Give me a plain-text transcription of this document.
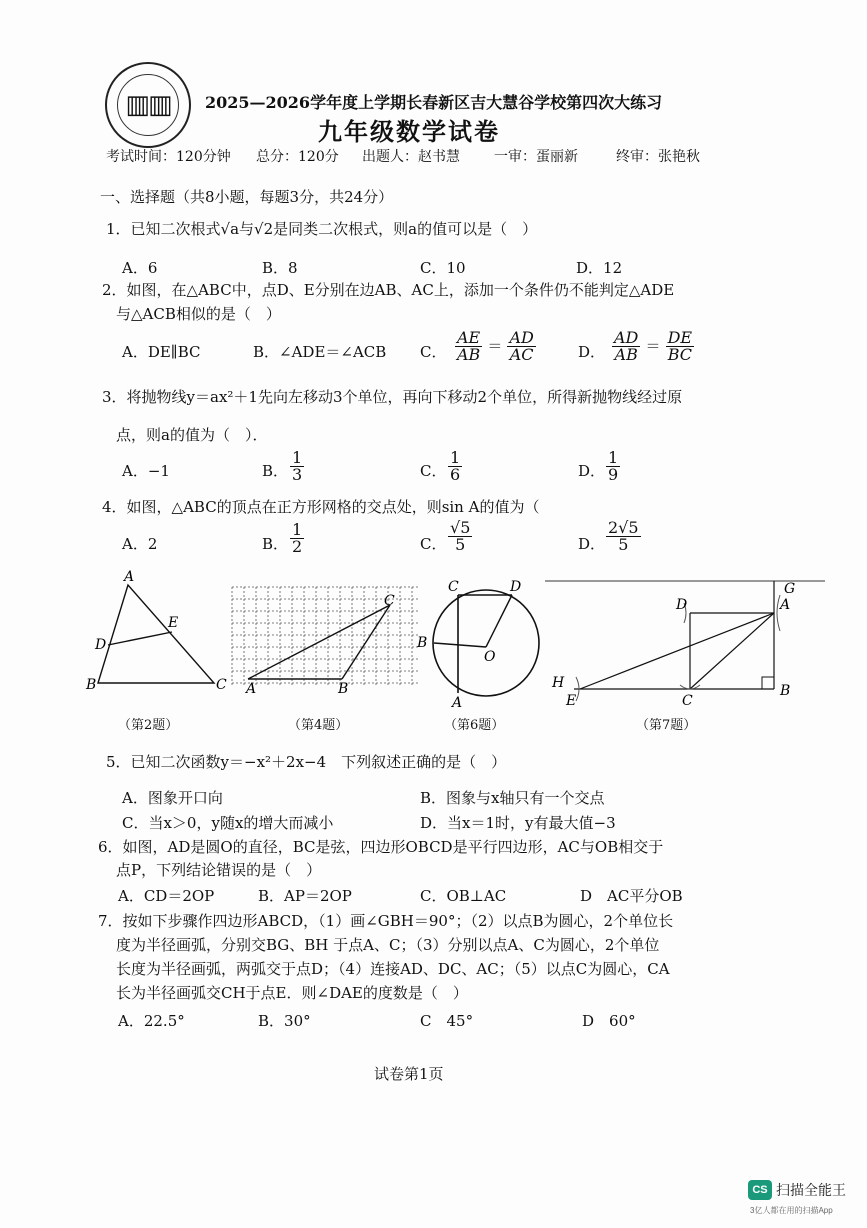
▥▥ 2025—2026学年度上学期长春新区吉大慧谷学校第四次大练习
九年级数学试卷
考试时间：120分钟 总分：120分 出题人：赵书慧 一审：蛋丽新	终审：张艳秋
一、选择题（共8小题，每题3分，共24分）
1．已知二次根式√a与√2是同类二次根式，则a的值可以是（　）
A．6	B．8	C．10	D．12
2．如图，在△ABC中，点D、E分别在边AB、AC上，添加一个条件仍不能判定△ADE
与△ACB相似的是（　）
A．DE∥BC	B．∠ADE＝∠ACB C． $\frac{AE}{AB} = \frac{AD}{AC}$	D． $\frac{AD}{AB} = \frac{DE}{BC}$
3．将抛物线y＝ax²＋1先向左移动3个单位，再向下移动2个单位，所得新抛物线经过原
点，则a的值为（　）．
A．−1	B． $\frac{1}{3}$	C． $\frac{1}{6}$	D． $\frac{1}{9}$
4．如图，△ABC的顶点在正方形网格的交点处，则sin A的值为（
A．2	B． $\frac{1}{2}$	C． $\frac{√5}{5}$	D． $\frac{2√5}{5}$
A
D
E
B	C
C
A	B
C	D
B
O
A
G
D	A
H
E	C
B
（第2题）	（第4题）	（第6题）	（第7题）
5．已知二次函数y＝−x²＋2x−4　下列叙述正确的是（　）
A．图象开口向	B．图象与x轴只有一个交点
C．当x＞0，y随x的增大而减小	D．当x＝1时，y有最大值−3
6．如图，AD是圆O的直径，BC是弦，四边形OBCD是平行四边形，AC与OB相交于
点P，下列结论错误的是（　）
A．CD＝2OP	B．AP＝2OP	C．OB⊥AC	D　AC平分OB
7．按如下步骤作四边形ABCD，（1）画∠GBH＝90°；（2）以点B为圆心，2个单位长
度为半径画弧，分别交BG、BH 于点A、C；（3）分别以点A、C为圆心，2个单位
长度为半径画弧，两弧交于点D；（4）连接AD、DC、AC；（5）以点C为圆心，CA
长为半径画弧交CH于点E．则∠DAE的度数是（　）
A．22.5°	B．30°	C　45°	D　60°
试卷第1页
CS 扫描全能王
3亿人都在用的扫描App
